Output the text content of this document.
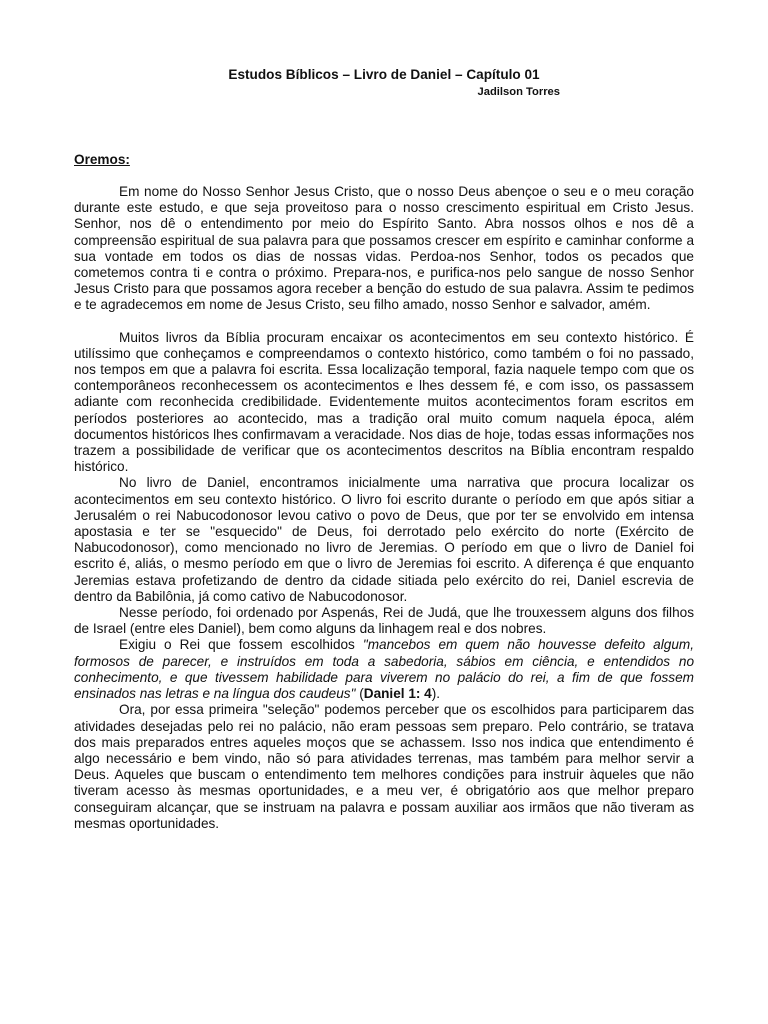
Estudos Bíblicos – Livro de Daniel – Capítulo 01
Jadilson Torres
Oremos:

Em nome do Nosso Senhor Jesus Cristo, que o nosso Deus abençoe o seu e o meu coração durante este estudo, e que seja proveitoso para o nosso crescimento espiritual em Cristo Jesus. Senhor, nos dê o entendimento por meio do Espírito Santo. Abra nossos olhos e nos dê a compreensão espiritual de sua palavra para que possamos crescer em espírito e caminhar conforme a sua vontade em todos os dias de nossas vidas. Perdoa-nos Senhor, todos os pecados que cometemos contra ti e contra o próximo. Prepara-nos, e purifica-nos pelo sangue de nosso Senhor Jesus Cristo para que possamos agora receber a benção do estudo de sua palavra. Assim te pedimos e te agradecemos em nome de Jesus Cristo, seu filho amado, nosso Senhor e salvador, amém.

Muitos livros da Bíblia procuram encaixar os acontecimentos em seu contexto histórico. É utilíssimo que conheçamos e compreendamos o contexto histórico, como também o foi no passado, nos tempos em que a palavra foi escrita. Essa localização temporal, fazia naquele tempo com que os contemporâneos reconhecessem os acontecimentos e lhes dessem fé, e com isso, os passassem adiante com reconhecida credibilidade. Evidentemente muitos acontecimentos foram escritos em períodos posteriores ao acontecido, mas a tradição oral muito comum naquela época, além documentos históricos lhes confirmavam a veracidade. Nos dias de hoje, todas essas informações nos trazem a possibilidade de verificar que os acontecimentos descritos na Bíblia encontram respaldo histórico.

No livro de Daniel, encontramos inicialmente uma narrativa que procura localizar os acontecimentos em seu contexto histórico. O livro foi escrito durante o período em que após sitiar a Jerusalém o rei Nabucodonosor levou cativo o povo de Deus, que por ter se envolvido em intensa apostasia e ter se "esquecido" de Deus, foi derrotado pelo exército do norte (Exército de Nabucodonosor), como mencionado no livro de Jeremias. O período em que o livro de Daniel foi escrito é, aliás, o mesmo período em que o livro de Jeremias foi escrito. A diferença é que enquanto Jeremias estava profetizando de dentro da cidade sitiada pelo exército do rei, Daniel escrevia de dentro da Babilônia, já como cativo de Nabucodonosor.

Nesse período, foi ordenado por Aspenás, Rei de Judá, que lhe trouxessem alguns dos filhos de Israel (entre eles Daniel), bem como alguns da linhagem real e dos nobres.

Exigiu o Rei que fossem escolhidos "mancebos em quem não houvesse defeito algum, formosos de parecer, e instruídos em toda a sabedoria, sábios em ciência, e entendidos no conhecimento, e que tivessem habilidade para viverem no palácio do rei, a fim de que fossem ensinados nas letras e na língua dos caudeus" (Daniel 1: 4).

Ora, por essa primeira "seleção" podemos perceber que os escolhidos para participarem das atividades desejadas pelo rei no palácio, não eram pessoas sem preparo. Pelo contrário, se tratava dos mais preparados entres aqueles moços que se achassem. Isso nos indica que entendimento é algo necessário e bem vindo, não só para atividades terrenas, mas também para melhor servir a Deus. Aqueles que buscam o entendimento tem melhores condições para instruir àqueles que não tiveram acesso às mesmas oportunidades, e a meu ver, é obrigatório aos que melhor preparo conseguiram alcançar, que se instruam na palavra e possam auxiliar aos irmãos que não tiveram as mesmas oportunidades.
